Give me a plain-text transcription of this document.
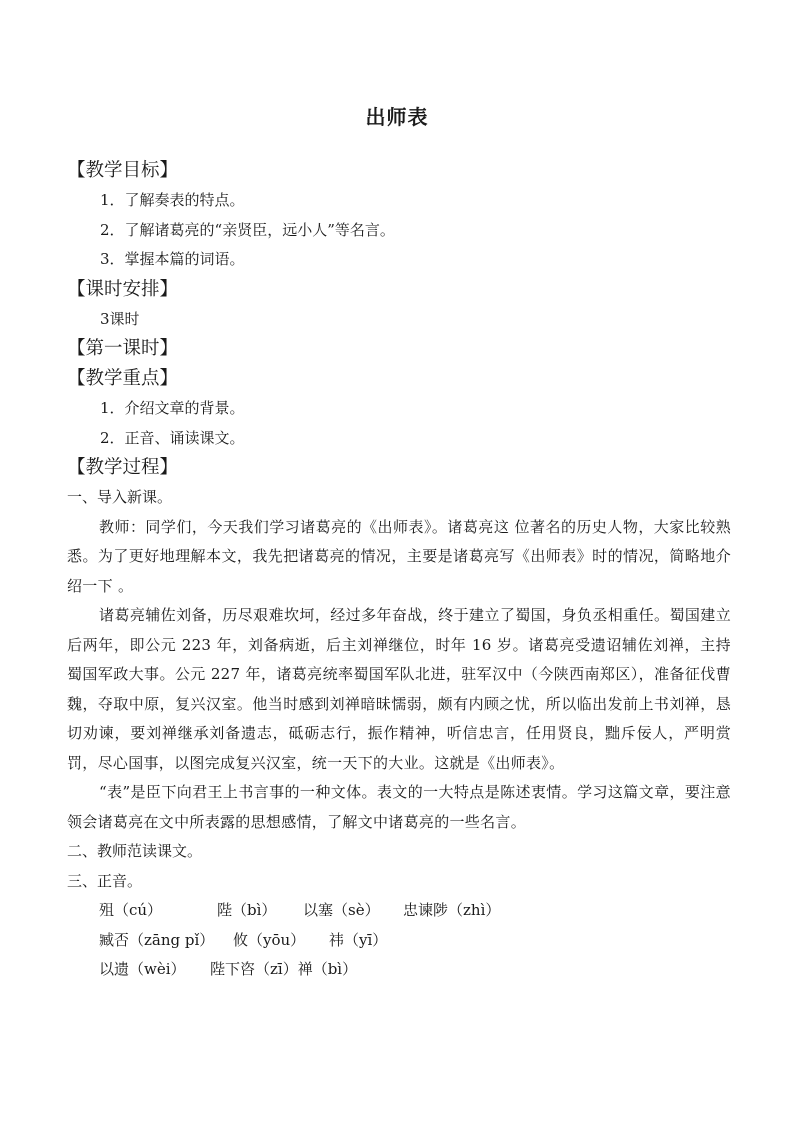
出师表
【教学目标】
1．了解奏表的特点。
2．了解诸葛亮的“亲贤臣，远小人”等名言。
3．掌握本篇的词语。
【课时安排】
3课时
【第一课时】
【教学重点】
1．介绍文章的背景。
2．正音、诵读课文。
【教学过程】
一、导入新课。
教师：同学们，今天我们学习诸葛亮的《出师表》。诸葛亮这 位著名的历史人物，大家比较熟悉。为了更好地理解本文，我先把诸葛亮的情况，主要是诸葛亮写《出师表》时的情况，简略地介绍一下 。
诸葛亮辅佐刘备，历尽艰难坎坷，经过多年奋战，终于建立了蜀国，身负丞相重任。蜀国建立后两年，即公元 223 年，刘备病逝，后主刘禅继位，时年 16 岁。诸葛亮受遗诏辅佐刘禅，主持蜀国军政大事。公元 227 年，诸葛亮统率蜀国军队北进，驻军汉中（今陕西南郑区），准备征伐曹魏，夺取中原，复兴汉室。他当时感到刘禅暗昧懦弱，颇有内顾之忧，所以临出发前上书刘禅，恳切劝谏，要刘禅继承刘备遗志，砥砺志行，振作精神，听信忠言，任用贤良，黜斥佞人，严明赏罚，尽心国事，以图完成复兴汉室，统一天下的大业。这就是《出师表》。
“表”是臣下向君王上书言事的一种文体。表文的一大特点是陈述衷情。学习这篇文章，要注意领会诸葛亮在文中所表露的思想感情，了解文中诸葛亮的一些名言。
二、教师范读课文。
三、正音。
殂（cú）	陛（bì） 以塞（sè） 忠谏陟（zhì）
臧否（zāng pǐ） 攸（yōu） 祎（yī）
以遗（wèi） 陛下咨（zī）禅（bì）
